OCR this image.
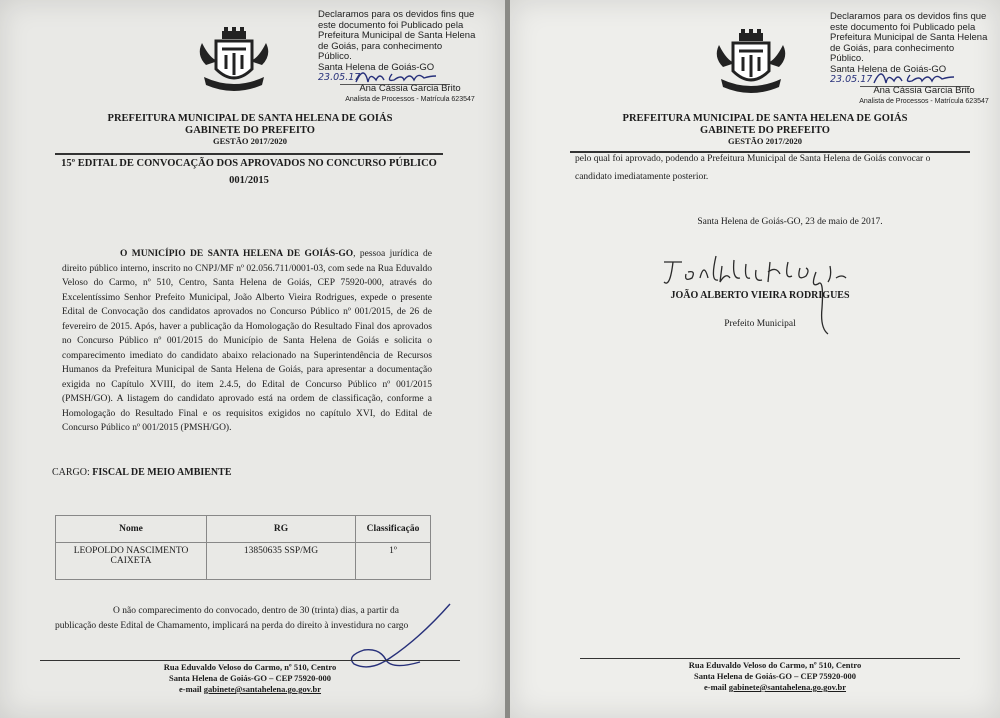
Declaramos para os devidos fins que
este documento foi Publicado pela
Prefeitura Municipal de Santa Helena
de Goiás, para conhecimento Público.
Santa Helena de Goiás-GO 23.05.17
Ana Cássia Garcia Brito
Analista de Processos - Matrícula 623547
PREFEITURA MUNICIPAL DE SANTA HELENA DE GOIÁS
GABINETE DO PREFEITO
GESTÃO 2017/2020
15º EDITAL DE CONVOCAÇÃO DOS APROVADOS NO CONCURSO PÚBLICO
001/2015
O MUNICÍPIO DE SANTA HELENA DE GOIÁS-GO, pessoa jurídica de direito público interno, inscrito no CNPJ/MF nº 02.056.711/0001-03, com sede na Rua Eduvaldo Veloso do Carmo, nº 510, Centro, Santa Helena de Goiás, CEP 75920-000, através do Excelentíssimo Senhor Prefeito Municipal, João Alberto Vieira Rodrigues, expede o presente Edital de Convocação dos candidatos aprovados no Concurso Público nº 001/2015, de 26 de fevereiro de 2015. Após, haver a publicação da Homologação do Resultado Final dos aprovados no Concurso Público nº 001/2015 do Município de Santa Helena de Goiás e solicita o comparecimento imediato do candidato abaixo relacionado na Superintendência de Recursos Humanos da Prefeitura Municipal de Santa Helena de Goiás, para apresentar a documentação exigida no Capítulo XVIII, do item 2.4.5, do Edital de Concurso Público nº 001/2015 (PMSH/GO). A listagem do candidato aprovado está na ordem de classificação, conforme a Homologação do Resultado Final e os requisitos exigidos no capítulo XVI, do Edital de Concurso Público nº 001/2015 (PMSH/GO).
CARGO: FISCAL DE MEIO AMBIENTE
Nome	RG	Classificação

LEOPOLDO NASCIMENTO
CAIXETA	13850635 SSP/MG	1º
O não comparecimento do convocado, dentro de 30 (trinta) dias, a partir da
publicação deste Edital de Chamamento, implicará na perda do direito à investidura no cargo
Rua Eduvaldo Veloso do Carmo, nº 510, Centro
Santa Helena de Goiás-GO – CEP 75920-000
e-mail gabinete@santahelena.go.gov.br
Declaramos para os devidos fins que
este documento foi Publicado pela
Prefeitura Municipal de Santa Helena
de Goiás, para conhecimento Público.
Santa Helena de Goiás-GO 23.05.17
Ana Cássia Garcia Brito
Analista de Processos - Matrícula 623547
PREFEITURA MUNICIPAL DE SANTA HELENA DE GOIÁS
GABINETE DO PREFEITO
GESTÃO 2017/2020
pelo qual foi aprovado, podendo a Prefeitura Municipal de Santa Helena de Goiás convocar o
candidato imediatamente posterior.
Santa Helena de Goiás-GO, 23 de maio de 2017.
JOÃO ALBERTO VIEIRA RODRIGUES
Prefeito Municipal
Rua Eduvaldo Veloso do Carmo, nº 510, Centro
Santa Helena de Goiás-GO – CEP 75920-000
e-mail gabinete@santahelena.go.gov.br
